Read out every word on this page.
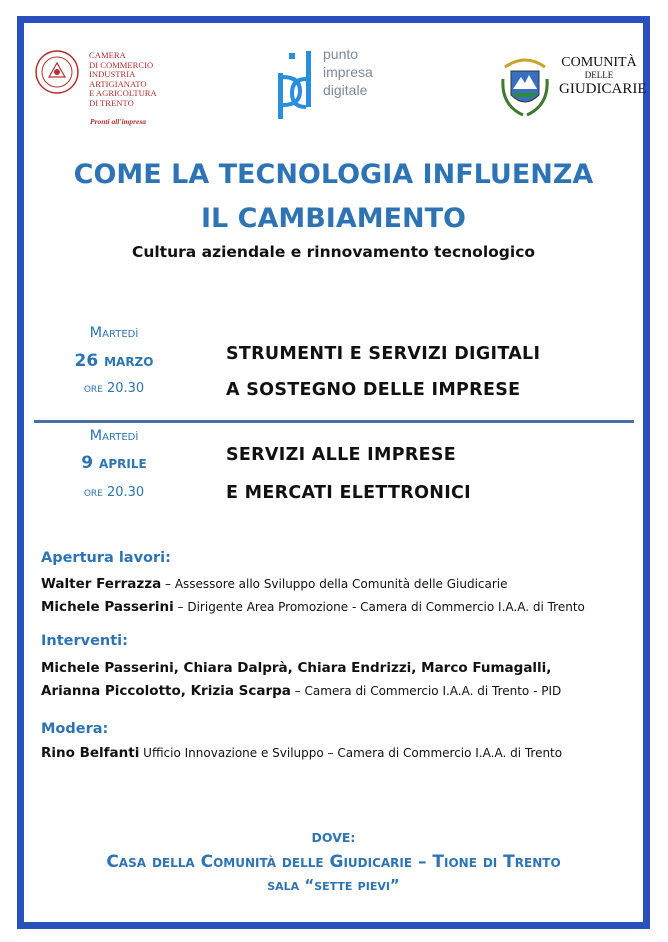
CAMERA
DI COMMERCIO
INDUSTRIA
ARTIGIANATO
E AGRICOLTURA
DI TRENTO
Pronti all'impresa
punto
impresa
digitale
COMUNITÀ
DELLE
GIUDICARIE
COME LA TECNOLOGIA INFLUENZA
IL CAMBIAMENTO
Cultura aziendale e rinnovamento tecnologico
Martedì
26 marzo
ore 20.30
STRUMENTI E SERVIZI DIGITALI
A SOSTEGNO DELLE IMPRESE
Martedì
9 aprile
ore 20.30
SERVIZI ALLE IMPRESE
E MERCATI ELETTRONICI
Apertura lavori:
Walter Ferrazza – Assessore allo Sviluppo della Comunità delle Giudicarie
Michele Passerini – Dirigente Area Promozione - Camera di Commercio I.A.A. di Trento
Interventi:
Michele Passerini, Chiara Dalprà, Chiara Endrizzi, Marco Fumagalli,
Arianna Piccolotto, Krizia Scarpa – Camera di Commercio I.A.A. di Trento - PID
Modera:
Rino Belfanti Ufficio Innovazione e Sviluppo – Camera di Commercio I.A.A. di Trento
DOVE:
Casa della Comunità delle Giudicarie – Tione di Trento
sala “sette pievi”
